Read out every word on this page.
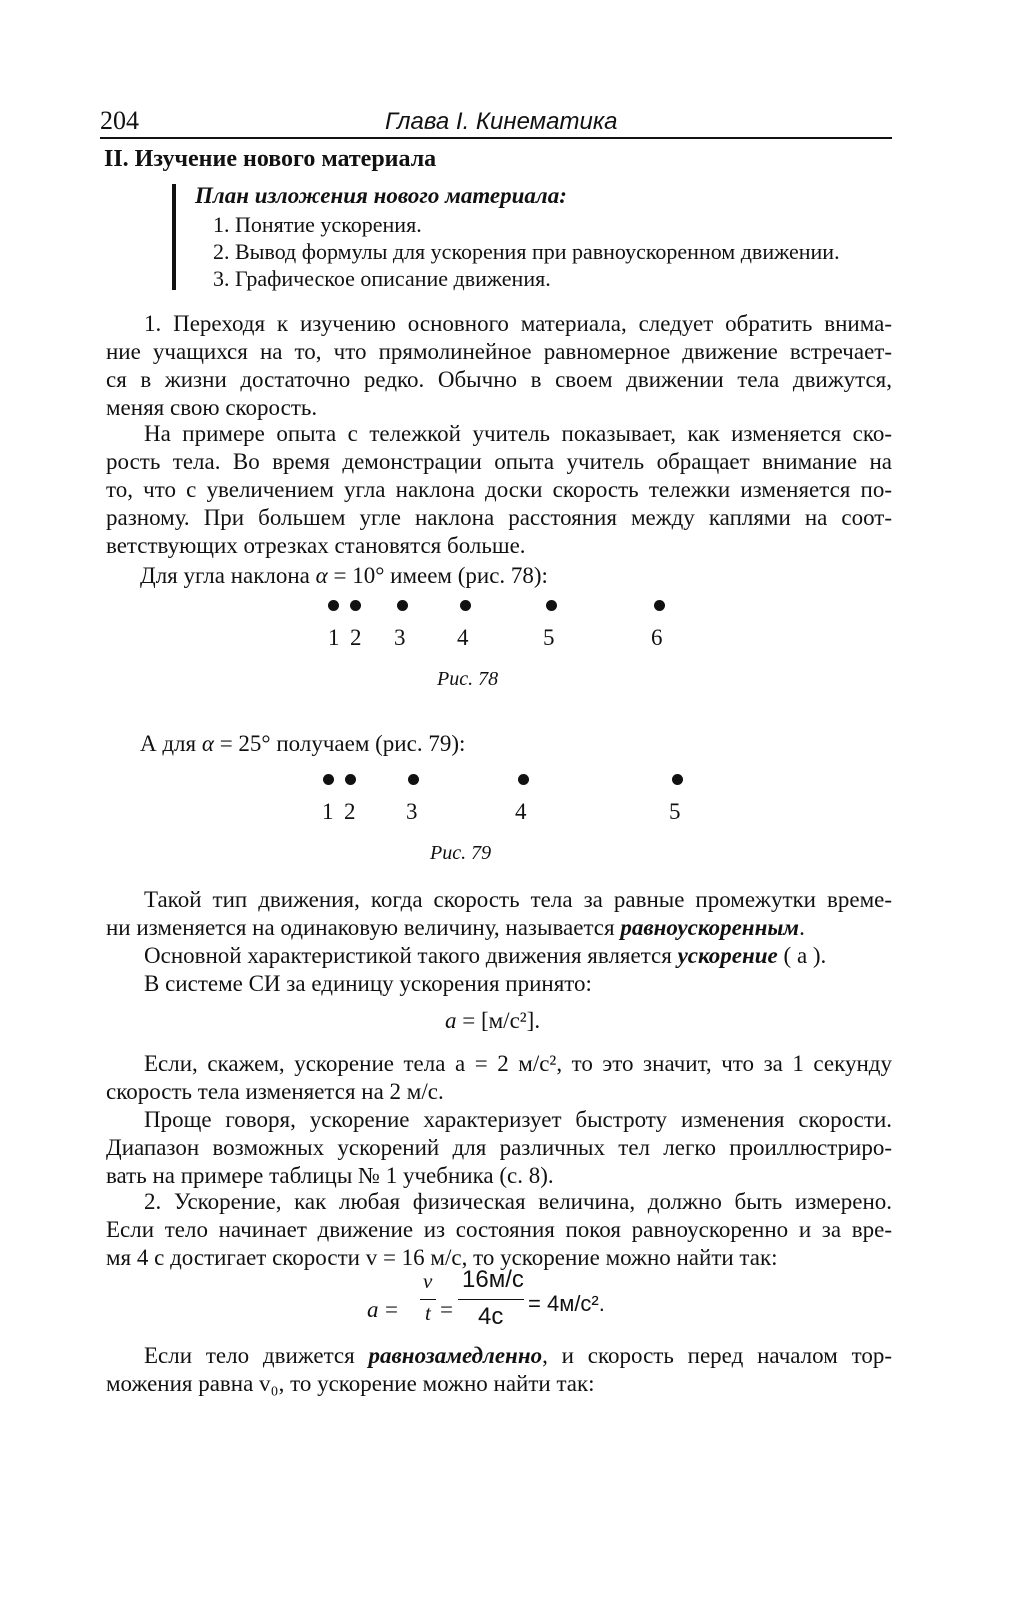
204	Глава I. Кинематика
II. Изучение нового материала
План изложения нового материала:
1. Понятие ускорения.
2. Вывод формулы для ускорения при равноускоренном движении.
3. Графическое описание движения.
1. Переходя к изучению основного материала, следует обратить внима-
ние учащихся на то, что прямолинейное равномерное движение встречает-
ся в жизни достаточно редко. Обычно в своем движении тела движутся,
меняя свою скорость.
На примере опыта с тележкой учитель показывает, как изменяется ско-
рость тела. Во время демонстрации опыта учитель обращает внимание на
то, что с увеличением угла наклона доски скорость тележки изменяется по-
разному. При большем угле наклона расстояния между каплями на соот-
ветствующих отрезках становятся больше.
Для угла наклона α = 10° имеем (рис. 78):
1 2 3 4	5	6
Рис. 78
А для α = 25° получаем (рис. 79):
1 2 3	4	5
Рис. 79
Такой тип движения, когда скорость тела за равные промежутки време-
ни изменяется на одинаковую величину, называется равноускоренным.
Основной характеристикой такого движения является ускорение ( a ).
В системе СИ за единицу ускорения принято:
a = [м/с²].
Если, скажем, ускорение тела a = 2 м/с², то это значит, что за 1 секунду
скорость тела изменяется на 2 м/с.
Проще говоря, ускорение характеризует быстроту изменения скорости.
Диапазон возможных ускорений для различных тел легко проиллюстриро-
вать на примере таблицы № 1 учебника (с. 8).
2. Ускорение, как любая физическая величина, должно быть измерено.
Если тело начинает движение из состояния покоя равноускоренно и за вре-
мя 4 с достигает скорости v = 16 м/с, то ускорение можно найти так:
a =
v
t =
16м/с
4с = 4м/с².
Если тело движется равнозамедленно, и скорость перед началом тор-
можения равна v₀, то ускорение можно найти так:
